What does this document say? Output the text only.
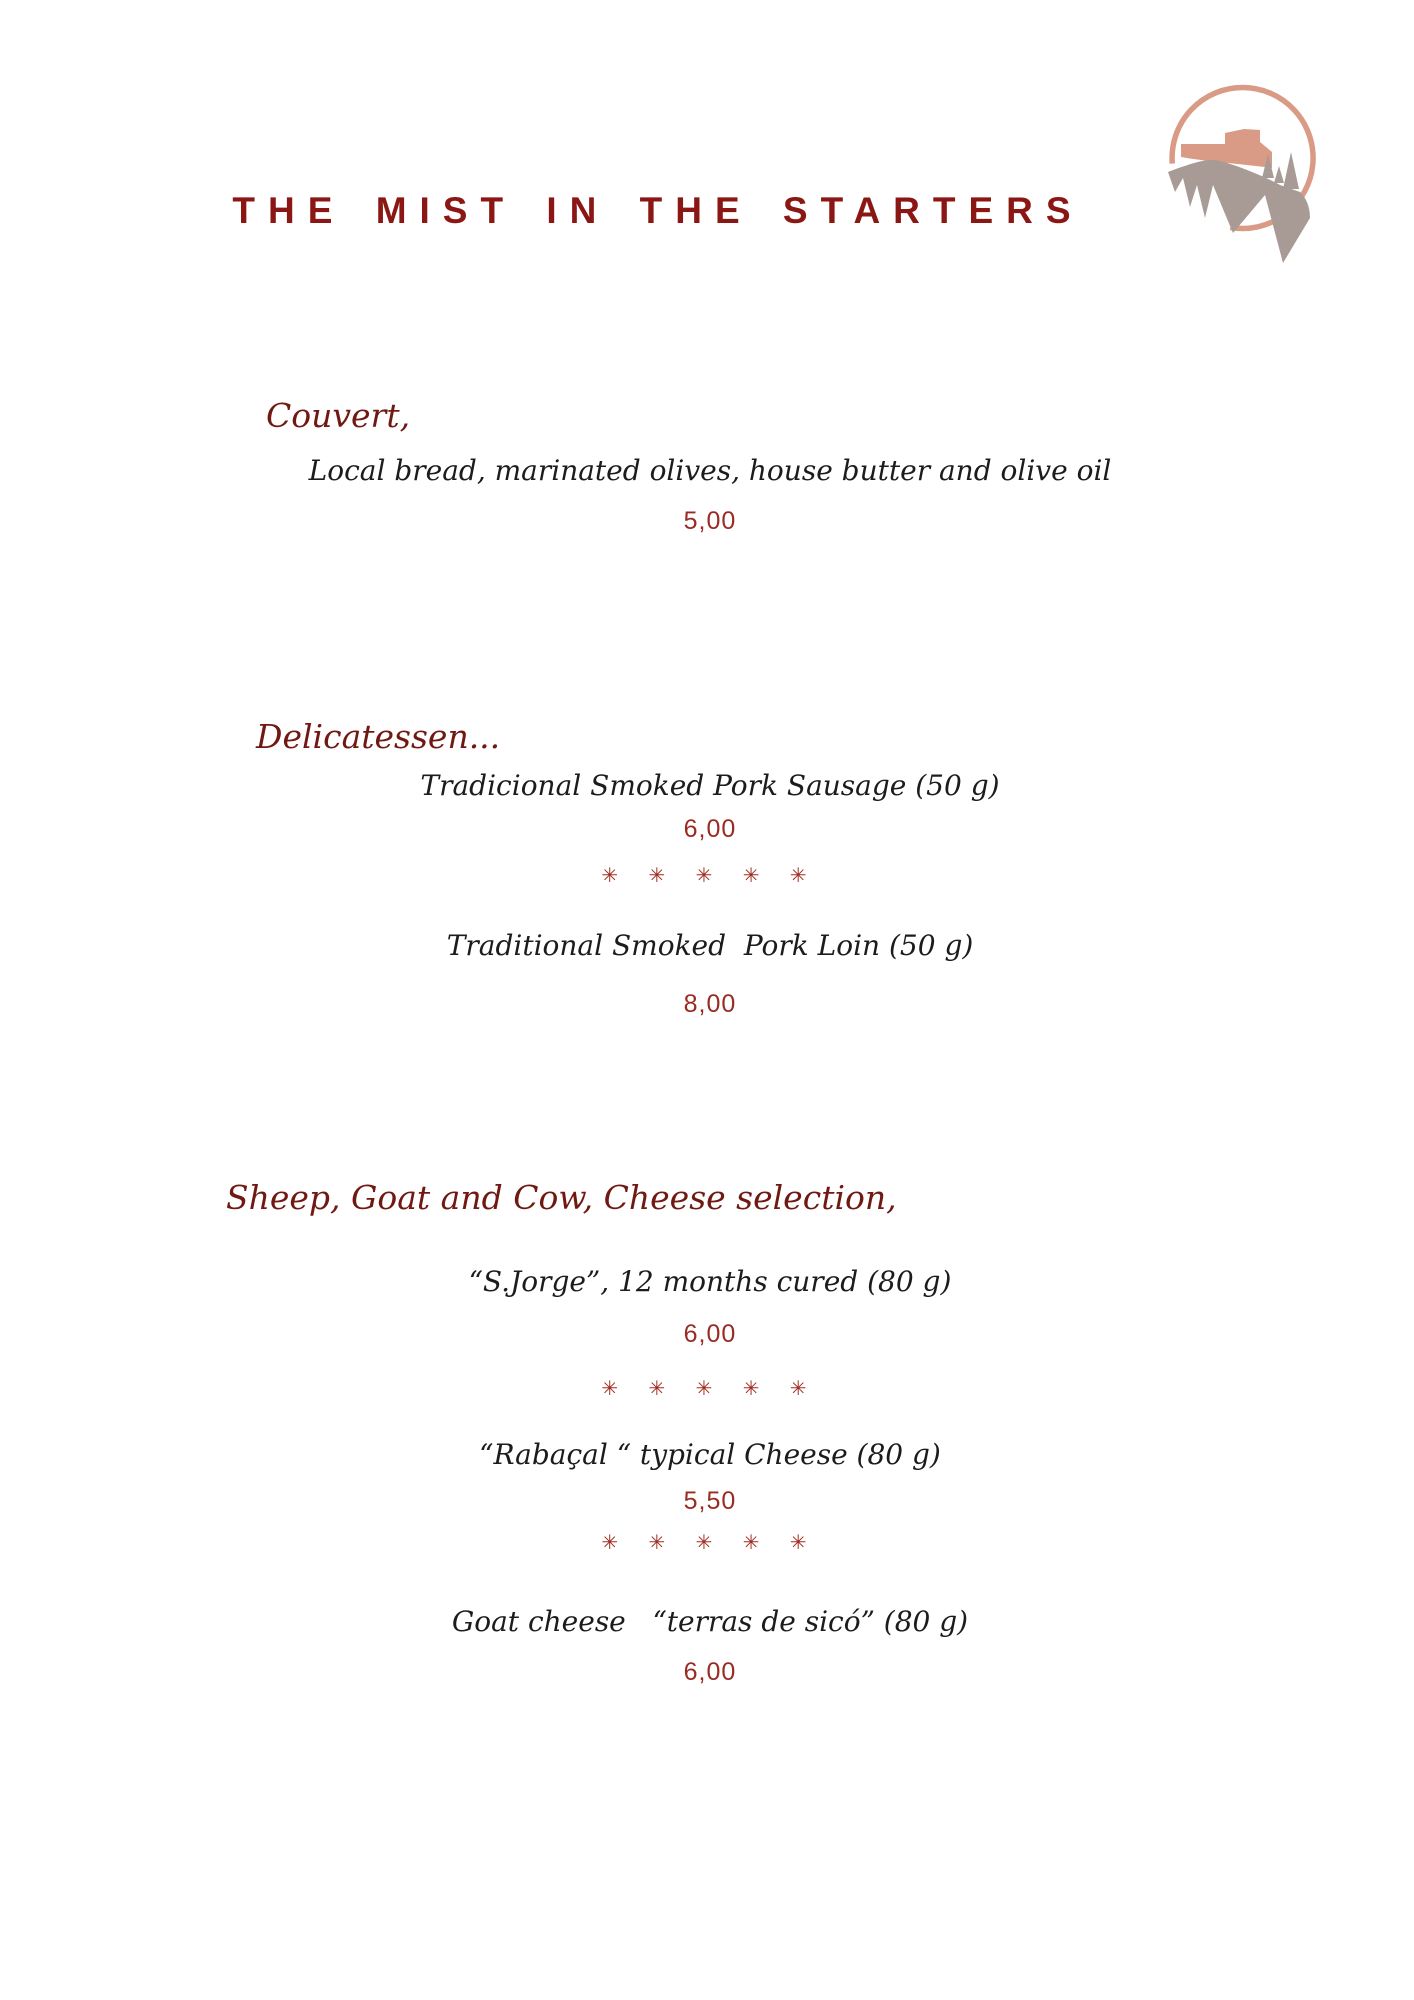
THE MIST IN THE STARTERS
Couvert,
Local bread, marinated olives, house butter and olive oil
5,00
Delicatessen...
Tradicional Smoked Pork Sausage (50 g)
6,00
✳ ✳ ✳ ✳ ✳
Traditional Smoked  Pork Loin (50 g)
8,00
Sheep, Goat and Cow, Cheese selection,
“S.Jorge”, 12 months cured (80 g)
6,00
✳ ✳ ✳ ✳ ✳
“Rabaçal “ typical Cheese (80 g)
5,50
✳ ✳ ✳ ✳ ✳
Goat cheese   “terras de sicó” (80 g)
6,00
